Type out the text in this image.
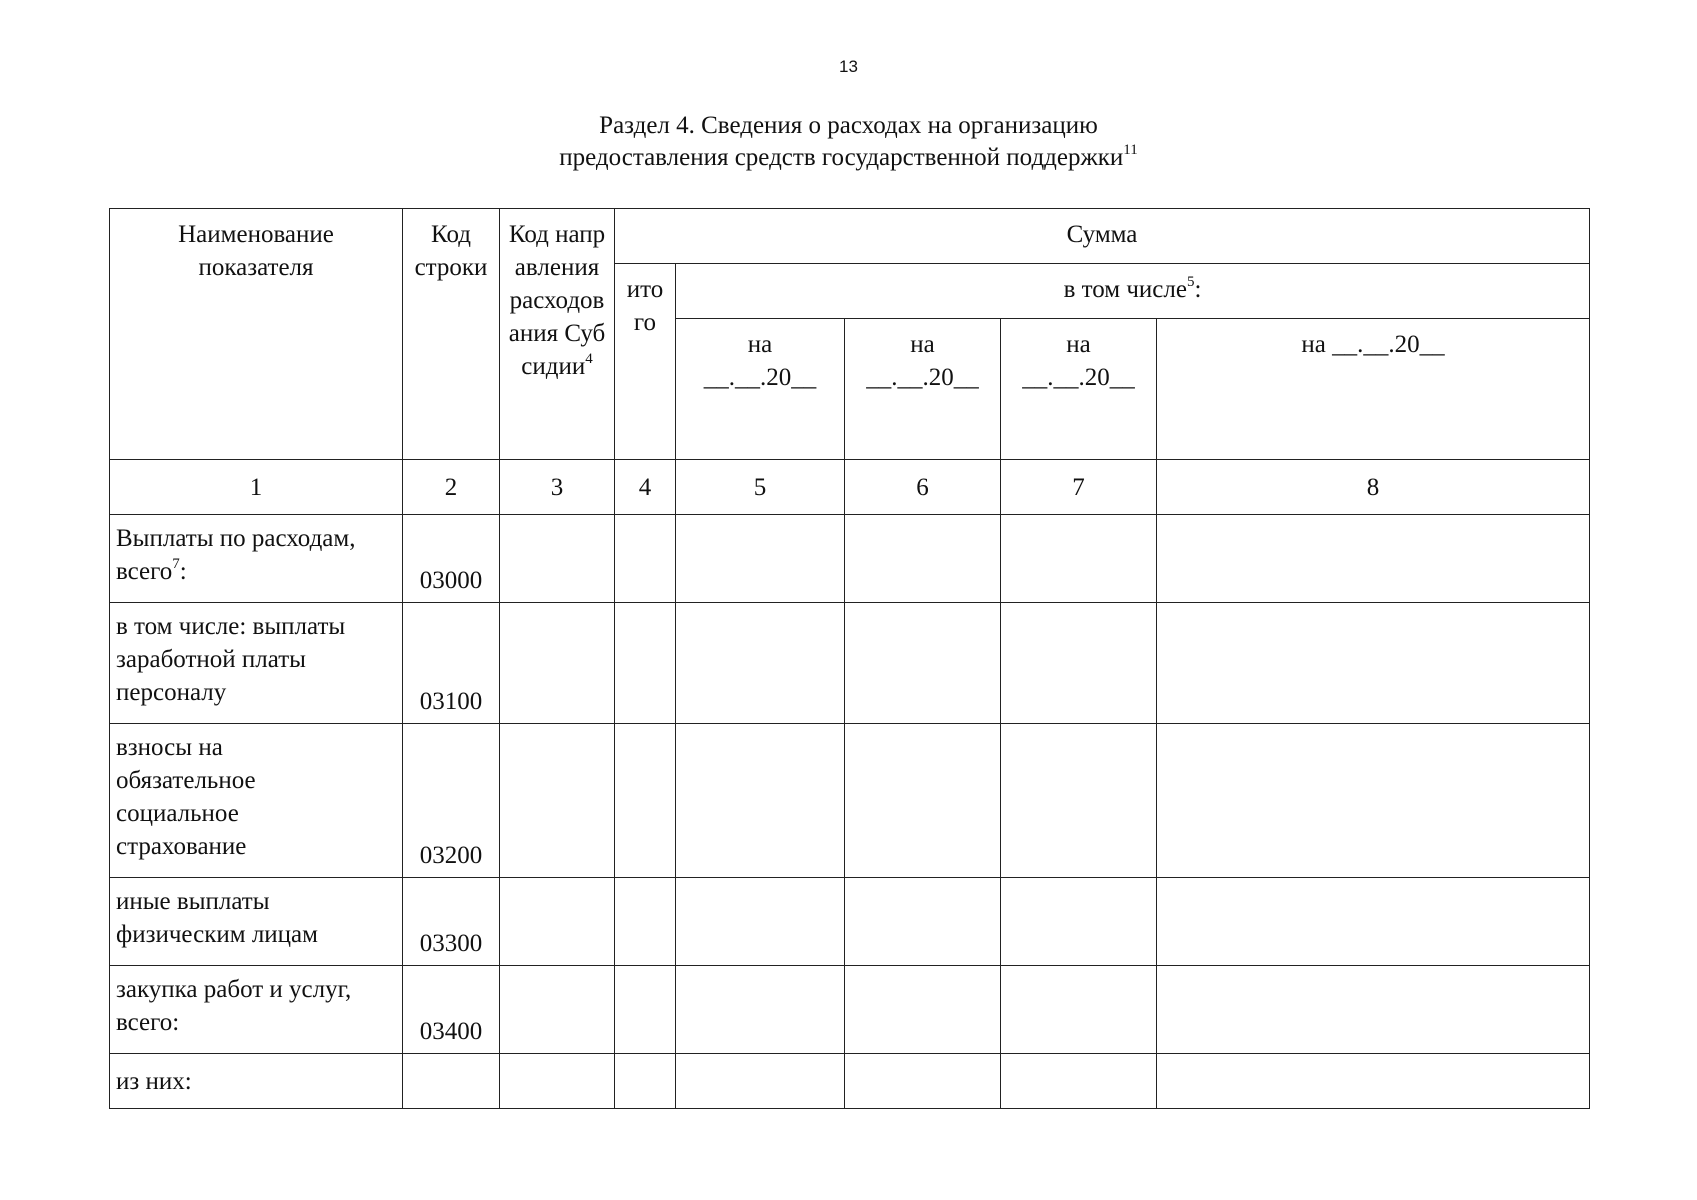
13
Раздел 4. Сведения о расходах на организацию
предоставления средств государственной поддержки$^{11}$
Наименование показателя	Код строки	Код направления расходования Субсидии$^4$	Сумма				
			итого	в том числе$^5$:			
				на __.__.20__	на __.__.20__	на __.__.20__	на __.__.20__
1	2	3	4	5	6	7	8
Выплаты по расходам, всего$^7$:	03000						
в том числе: выплаты заработной платы персоналу	03100						
взносы на обязательное социальное страхование	03200						
иные выплаты физическим лицам	03300						
закупка работ и услуг, всего:	03400						
из них:							
